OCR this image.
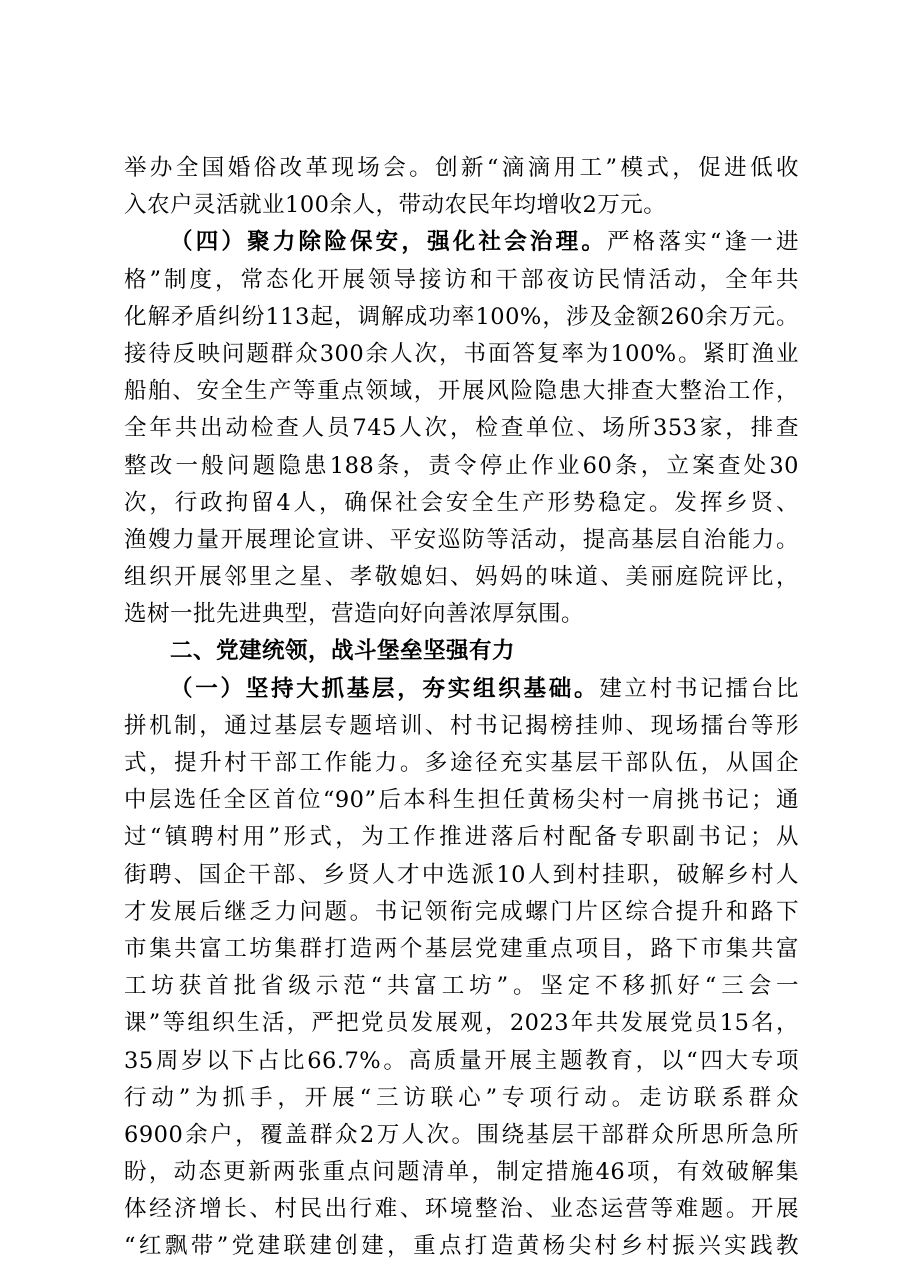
举办全国婚俗改革现场会。创新“滴滴用工”模式，促进低收
入农户灵活就业100余人，带动农民年均增收2万元。

（四）聚力除险保安，强化社会治理。严格落实“逢一进
格”制度，常态化开展领导接访和干部夜访民情活动，全年共
化解矛盾纠纷113起，调解成功率100%，涉及金额260余万元。
接待反映问题群众300余人次，书面答复率为100%。紧盯渔业
船舶、安全生产等重点领域，开展风险隐患大排查大整治工作，
全年共出动检查人员745人次，检查单位、场所353家，排查
整改一般问题隐患188条，责令停止作业60条，立案查处30
次，行政拘留4人，确保社会安全生产形势稳定。发挥乡贤、
渔嫂力量开展理论宣讲、平安巡防等活动，提高基层自治能力。
组织开展邻里之星、孝敬媳妇、妈妈的味道、美丽庭院评比，
选树一批先进典型，营造向好向善浓厚氛围。

二、党建统领，战斗堡垒坚强有力

（一）坚持大抓基层，夯实组织基础。建立村书记擂台比
拼机制，通过基层专题培训、村书记揭榜挂帅、现场擂台等形
式，提升村干部工作能力。多途径充实基层干部队伍，从国企
中层选任全区首位“90”后本科生担任黄杨尖村一肩挑书记；通
过“镇聘村用”形式，为工作推进落后村配备专职副书记；从
街聘、国企干部、乡贤人才中选派10人到村挂职，破解乡村人
才发展后继乏力问题。书记领衔完成螺门片区综合提升和路下
市集共富工坊集群打造两个基层党建重点项目，路下市集共富
工坊获首批省级示范“共富工坊”。坚定不移抓好“三会一
课”等组织生活，严把党员发展观，2023年共发展党员15名，
35周岁以下占比66.7%。高质量开展主题教育，以“四大专项
行动”为抓手，开展“三访联心”专项行动。走访联系群众
6900余户，覆盖群众2万人次。围绕基层干部群众所思所急所
盼，动态更新两张重点问题清单，制定措施46项，有效破解集
体经济增长、村民出行难、环境整治、业态运营等难题。开展
“红飘带”党建联建创建，重点打造黄杨尖村乡村振兴实践教
